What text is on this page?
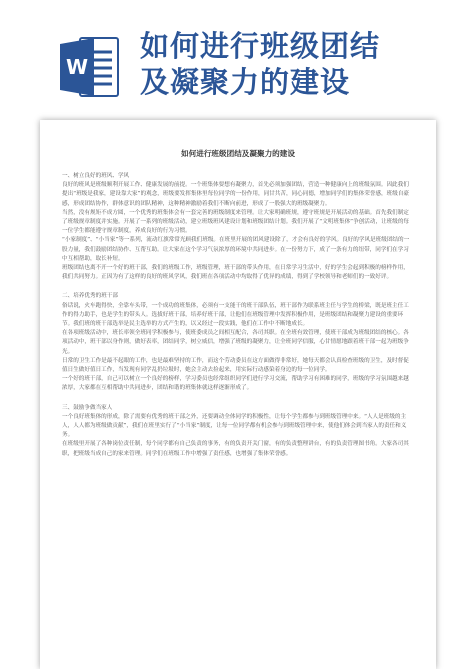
W
如何进行班级团结
及凝聚力的建设
如何进行班级团结及凝聚力的建设
一、树立良好的班风、学风

良好的班风是班级顺利开展工作、健康发展的前提。一个班集体要想有凝聚力，首先必须加强团结，营造一种健康向上的班级氛围。因此我们提出“班级是我家，建设靠大家”的观念，班级要发挥集体里每位同学的一份作用，同甘共苦，同心同德，增加同学们的集体荣誉感，班级自豪感，形成团结协作，群体意识的团队精神，这种精神激励着我们不断向前进，形成了一股强大的班级凝聚力。

当然，没有规矩不成方圆，一个优秀的班集体会有一套完善的班级制度来管理。让大家明确班规，遵守班规是开展活动的基础。首先我们制定了班级规章制度并实施。开展了一系列的班级活动，建立班级班风建设计划和班级团结计划。我们开展了“文明班集体”争创活动，让班级的每一位学生都能遵守规章制度，养成良好的行为习惯。

“小家制度”、“小当家”等一系列，流动红旗常常光顾我们班级。在班里开展的团风建设除了，才会有良好的学风。良好的学风是班级团结的一股力量，我们鼓励团结协作、互帮互助。让大家在这个学习气氛浓厚的环境中共同进步。在一份努力下，成了一条有力的纽带，同学们在学习中互相帮助，取长补短。

班级团结也离不开一个好的班干部，我们的班级工作，班级管理，班干部的带头作用，在日常学习生活中，好的学生会起到积极的榜样作用，我们共同努力。正因为有了这样的良好的班风学风，我们班在各项活动中均取得了优异的成绩，得到了学校领导和老师们的一致好评。

二、培养优秀的班干部

俗话说，火车跑得快，全靠车头带，一个成功的班集体，必须有一支能干的班干部队伍，班干部作为联系班主任与学生的桥梁，既是班主任工作的得力助手，也是学生的带头人。选拔好班干部，培养好班干部，让他们在班级管理中发挥积极作用，是班级团结和凝聚力建设的重要环节。我们班的班干部选举是民主选举的方式产生的，以又经过一段实践，他们在工作中不断地成长。

在各项班级活动中，班长率领全班同学积极参与，使班委成员之间相互配合，各司其职。在全班有效管理，使班干部成为班级团结的核心。各项活动中，班干部以身作则，做好表率，团结同学，树立威信，增强了班级的凝聚力，让全班同学信服，心甘情愿地跟着班干部一起为班级争光。

日常的卫生工作是最不起眼的工作，也是最难坚持的工作，而这个劳动委员在这方面做得非常好，她每天都会认真检查班级的卫生，及时督促值日生做好值日工作，当发现有同学乱扔垃圾时，她会主动去捡起来，用实际行动感染着身边的每一位同学。

一个好的班干部，自己可以树立一个良好的榜样，学习委员也经常组织同学们进行学习交流，帮助学习有困难的同学，班级的学习氛围越来越浓厚，大家都在互相帮助中共同进步，团结和谐的班集体就这样逐渐形成了。

三、鼓励争做当家人

一个良好班集体的形成，除了需要有优秀的班干部之外，还要调动全体同学的积极性，让每个学生都参与到班级管理中来。“人人是班级的主人，人人都为班级做贡献”，我们在班里实行了“小当家”制度，让每一位同学都有机会参与到班级管理中来，使他们体会到当家人的责任和义务。

在班级里开展了各种岗位责任制，每个同学都有自己负责的事务，有的负责开关门窗，有的负责整理讲台，有的负责管理图书角。大家各司其职，把班级当成自己的家来管理。同学们在班级工作中增强了责任感，也增强了集体荣誉感。
